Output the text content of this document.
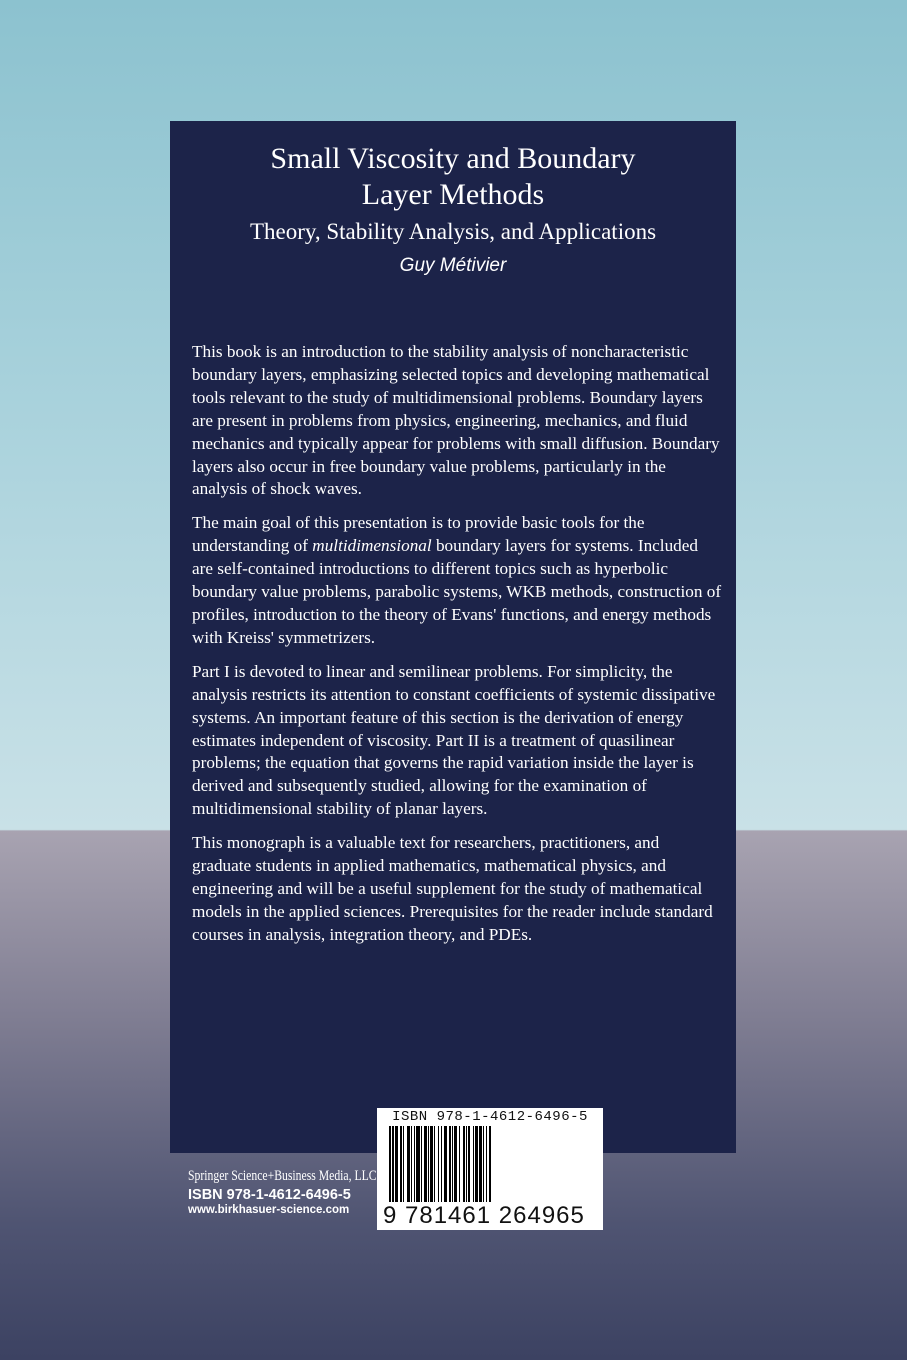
Small Viscosity and Boundary
Layer Methods
Theory, Stability Analysis, and Applications
Guy Métivier

This book is an introduction to the stability analysis of noncharacteristic boundary layers, emphasizing selected topics and developing mathematical tools relevant to the study of multidimensional problems. Boundary layers are present in problems from physics, engineering, mechanics, and fluid mechanics and typically appear for problems with small diffusion. Boundary layers also occur in free boundary value problems, particularly in the analysis of shock waves.

The main goal of this presentation is to provide basic tools for the understanding of multidimensional boundary layers for systems. Included are self-contained introductions to different topics such as hyperbolic boundary value problems, parabolic systems, WKB methods, construction of profiles, introduction to the theory of Evans' functions, and energy methods with Kreiss' symmetrizers.

Part I is devoted to linear and semilinear problems. For simplicity, the analysis restricts its attention to constant coefficients of systemic dissipative systems. An important feature of this section is the derivation of energy estimates independent of viscosity. Part II is a treatment of quasilinear problems; the equation that governs the rapid variation inside the layer is derived and subsequently studied, allowing for the examination of multidimensional stability of planar layers.

This monograph is a valuable text for researchers, practitioners, and graduate students in applied mathematics, mathematical physics, and engineering and will be a useful supplement for the study of mathematical models in the applied sciences. Prerequisites for the reader include standard courses in analysis, integration theory, and PDEs.

Springer Science+Business Media, LLC
ISBN 978-1-4612-6496-5
www.birkhasuer-science.com
ISBN 978-1-4612-6496-5
9 781461 264965
